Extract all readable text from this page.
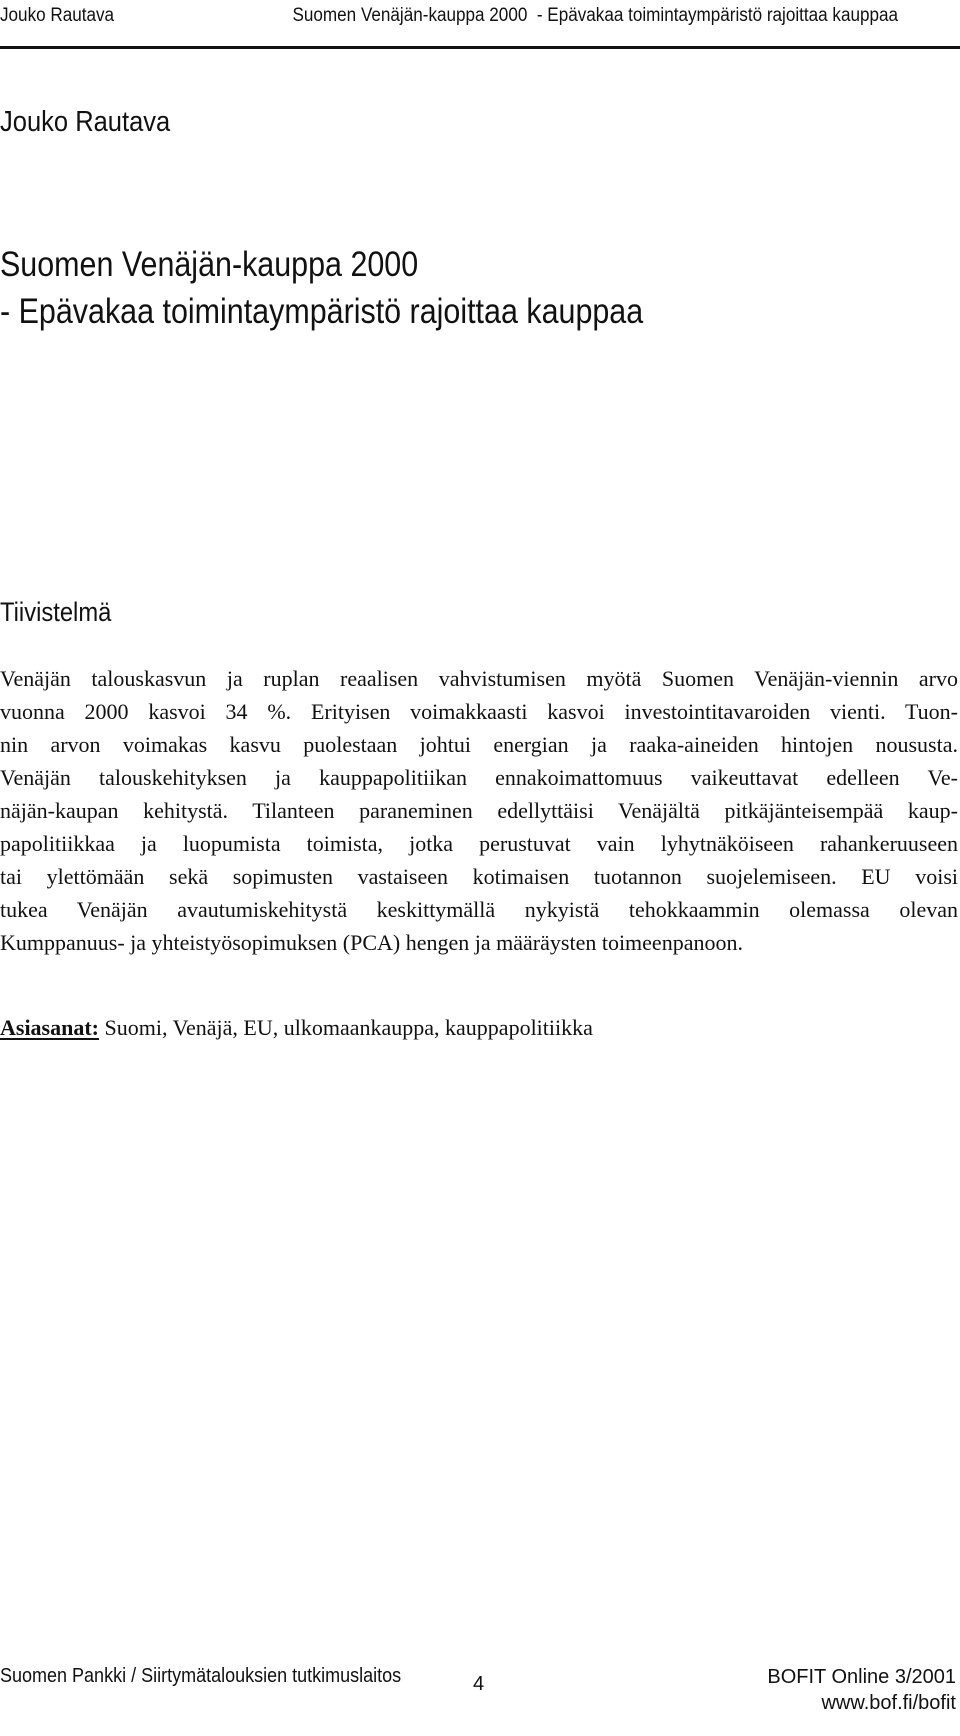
Jouko Rautava	Suomen Venäjän-kauppa 2000  - Epävakaa toimintaympäristö rajoittaa kauppaa
Jouko Rautava
Suomen Venäjän-kauppa 2000
- Epävakaa toimintaympäristö rajoittaa kauppaa
Tiivistelmä
Venäjän talouskasvun ja ruplan reaalisen vahvistumisen myötä Suomen Venäjän-viennin arvo
vuonna 2000 kasvoi 34 %. Erityisen voimakkaasti kasvoi investointitavaroiden vienti. Tuon-
nin arvon voimakas kasvu puolestaan johtui energian ja raaka-aineiden hintojen noususta.
Venäjän talouskehityksen ja kauppapolitiikan ennakoimattomuus vaikeuttavat edelleen Ve-
näjän-kaupan kehitystä. Tilanteen paraneminen edellyttäisi Venäjältä pitkäjänteisempää kaup-
papolitiikkaa ja luopumista toimista, jotka perustuvat vain lyhytnäköiseen rahankeruuseen
tai ylettömään sekä sopimusten vastaiseen kotimaisen tuotannon suojelemiseen. EU voisi
tukea Venäjän avautumiskehitystä keskittymällä nykyistä tehokkaammin olemassa olevan
Kumppanuus- ja yhteistyösopimuksen (PCA) hengen ja määräysten toimeenpanoon.
Asiasanat: Suomi, Venäjä, EU, ulkomaankauppa, kauppapolitiikka
Suomen Pankki / Siirtymätalouksien tutkimuslaitos	4	BOFIT Online 3/2001
www.bof.fi/bofit
